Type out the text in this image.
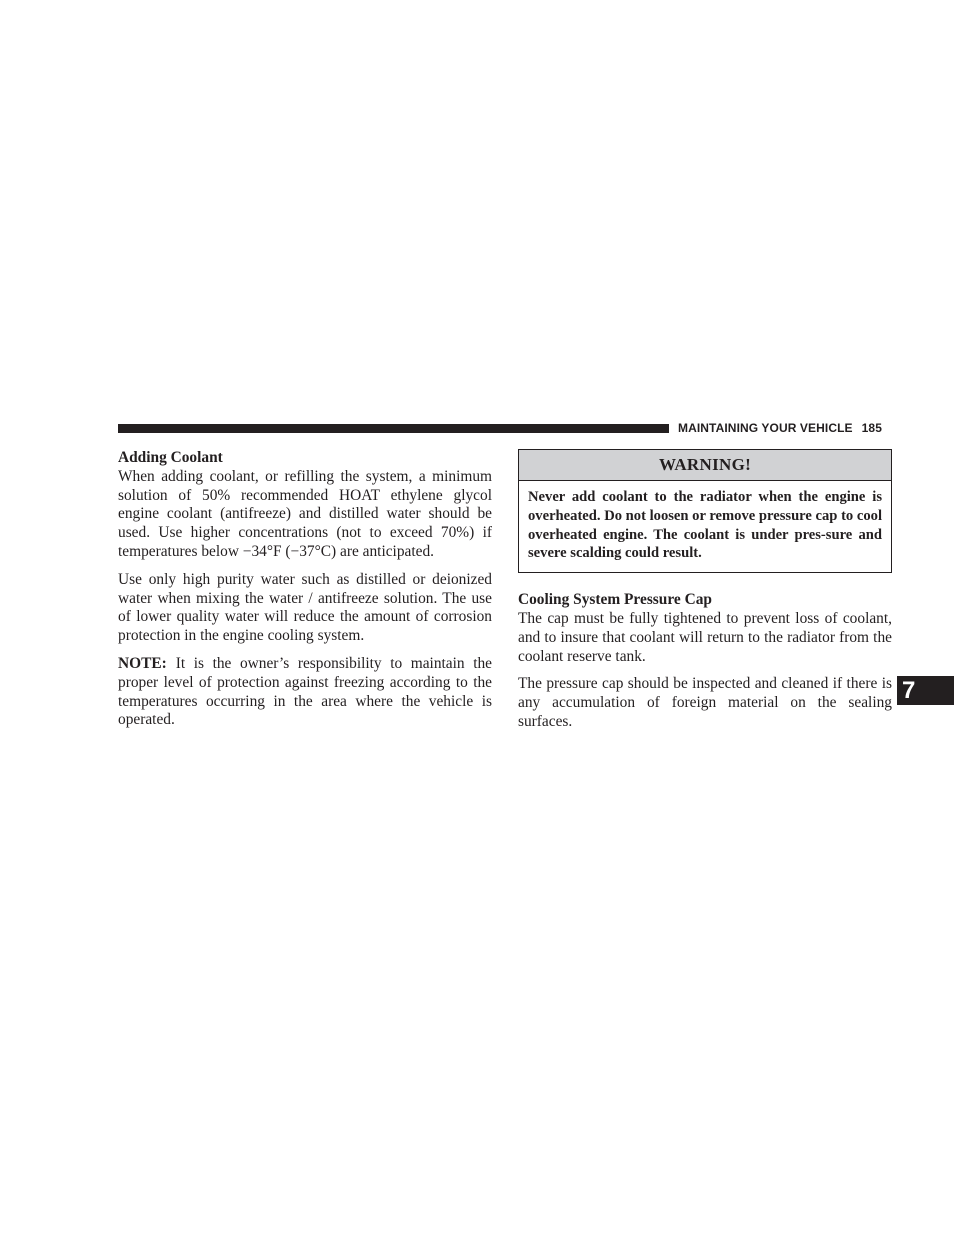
MAINTAINING YOUR VEHICLE 185
Adding Coolant

When adding coolant, or refilling the system, a minimum solution of 50% recommended HOAT ethylene glycol engine coolant (antifreeze) and distilled water should be used. Use higher concentrations (not to exceed 70%) if temperatures below −34°F (−37°C) are anticipated.

Use only high purity water such as distilled or deionized water when mixing the water / antifreeze solution. The use of lower quality water will reduce the amount of corrosion protection in the engine cooling system.

NOTE: It is the owner’s responsibility to maintain the proper level of protection against freezing according to the temperatures occurring in the area where the vehicle is operated.

WARNING!
Never add coolant to the radiator when the engine is overheated. Do not loosen or remove pressure cap to cool overheated engine. The coolant is under pres-sure and severe scalding could result.
Cooling System Pressure Cap

The cap must be fully tightened to prevent loss of coolant, and to insure that coolant will return to the radiator from the coolant reserve tank.

The pressure cap should be inspected and cleaned if there is any accumulation of foreign material on the sealing surfaces.

7
